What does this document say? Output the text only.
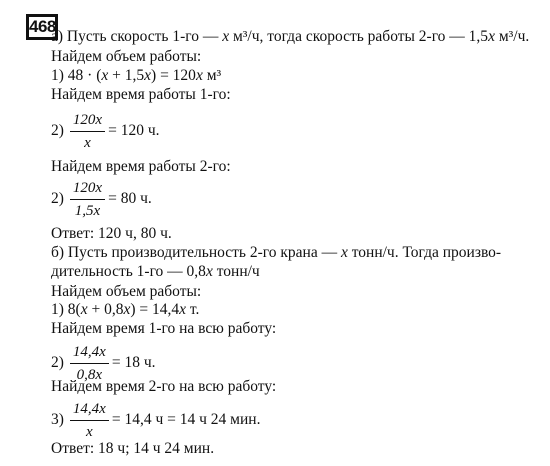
468
а) Пусть скорость 1-го — x м³/ч, тогда скорость работы 2-го — 1,5x м³/ч.
Найдем объем работы:
1) 48 · (x + 1,5x) = 120x м³
Найдем время работы 1-го:
$2) \frac{120x}{x} = 120$ ч.
Найдем время работы 2-го:
$2) \frac{120x}{1,5x} = 80$ ч.
Ответ: 120 ч, 80 ч.
б) Пусть производительность 2-го крана — x тонн/ч. Тогда произво-
дительность 1-го — 0,8x тонн/ч
Найдем объем работы:
1) 8(x + 0,8x) = 14,4x т.
Найдем время 1-го на всю работу:
$2) \frac{14,4x}{0,8x} = 18$ ч.
Найдем время 2-го на всю работу:
$3) \frac{14,4x}{x} = 14,4$ ч = 14 ч 24 мин.
Ответ: 18 ч; 14 ч 24 мин.
